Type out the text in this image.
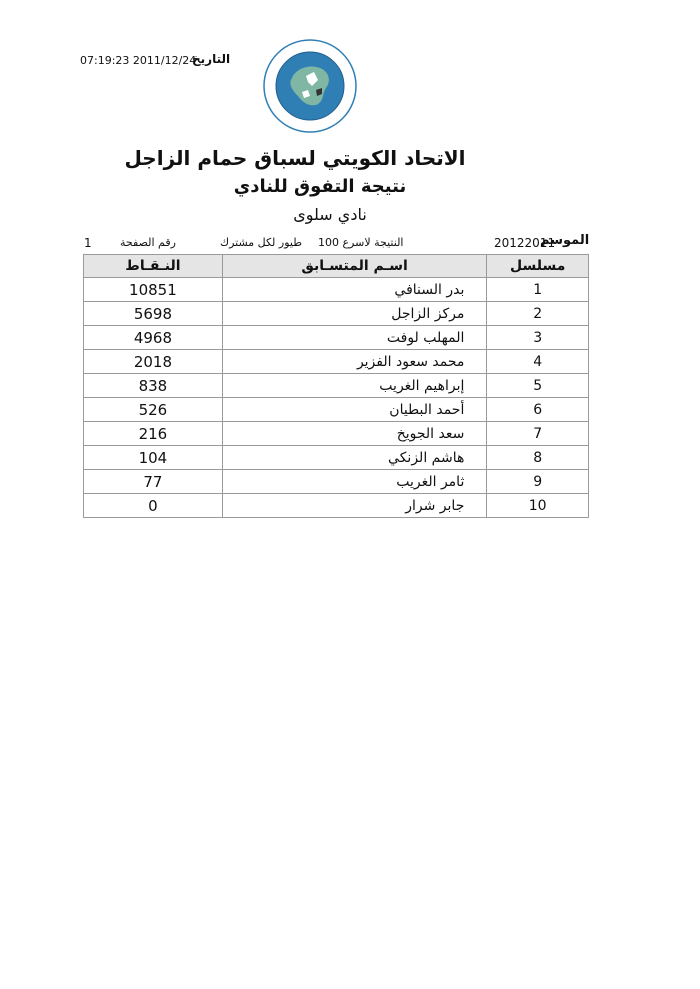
التاريخ
07:19:23 2011/12/24
الاتحاد الكويتي لسباق حمام الزاجل
نتيجة التفوق للنادي
نادي سلوى
الموسم
20122011
النتيجة لاسرع 100
طيور لكل مشترك
رقم الصفحة
1
النـقـاط	اسـم المتسـابق	مسلسل
10851	بدر السنافي	1
5698	مركز الزاجل	2
4968	المهلب لوفت	3
2018	محمد سعود الفزير	4
838	إبراهيم الغريب	5
526	أحمد البطيان	6
216	سعد الجويخ	7
104	هاشم الزنكي	8
77	ثامر الغريب	9
0	جابر شرار	10
